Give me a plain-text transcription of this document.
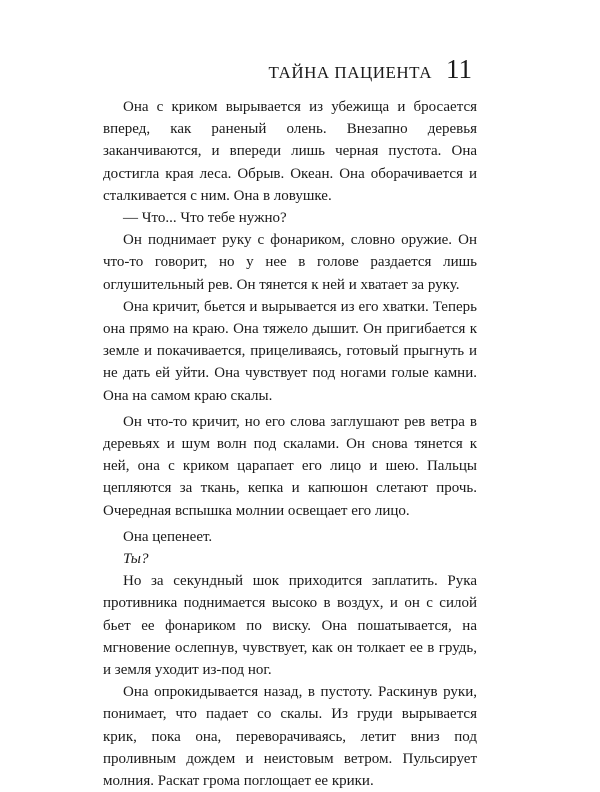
ТАЙНА ПАЦИЕНТА 11

Она с криком вырывается из убежища и бросается вперед, как раненый олень. Внезапно деревья заканчиваются, и впереди лишь черная пустота. Она достигла края леса. Обрыв. Океан. Она оборачивается и сталкивается с ним. Она в ловушке.

— Что... Что тебе нужно?

Он поднимает руку с фонариком, словно оружие. Он что-то говорит, но у нее в голове раздается лишь оглушительный рев. Он тянется к ней и хватает за руку.

Она кричит, бьется и вырывается из его хватки. Теперь она прямо на краю. Она тяжело дышит. Он пригибается к земле и покачивается, прицеливаясь, готовый прыгнуть и не дать ей уйти. Она чувствует под ногами голые камни. Она на самом краю скалы.

Он что-то кричит, но его слова заглушают рев ветра в деревьях и шум волн под скалами. Он снова тянется к ней, она с криком царапает его лицо и шею. Пальцы цепляются за ткань, кепка и капюшон слетают прочь. Очередная вспышка молнии освещает его лицо.

Она цепенеет.

Ты?

Но за секундный шок приходится заплатить. Рука противника поднимается высоко в воздух, и он с силой бьет ее фонариком по виску. Она пошатывается, на мгновение ослепнув, чувствует, как он толкает ее в грудь, и земля уходит из-под ног.

Она опрокидывается назад, в пустоту. Раскинув руки, понимает, что падает со скалы. Из груди вырывается крик, пока она, переворачиваясь, летит вниз под проливным дождем и неистовым ветром. Пульсирует молния. Раскат грома поглощает ее крики.
